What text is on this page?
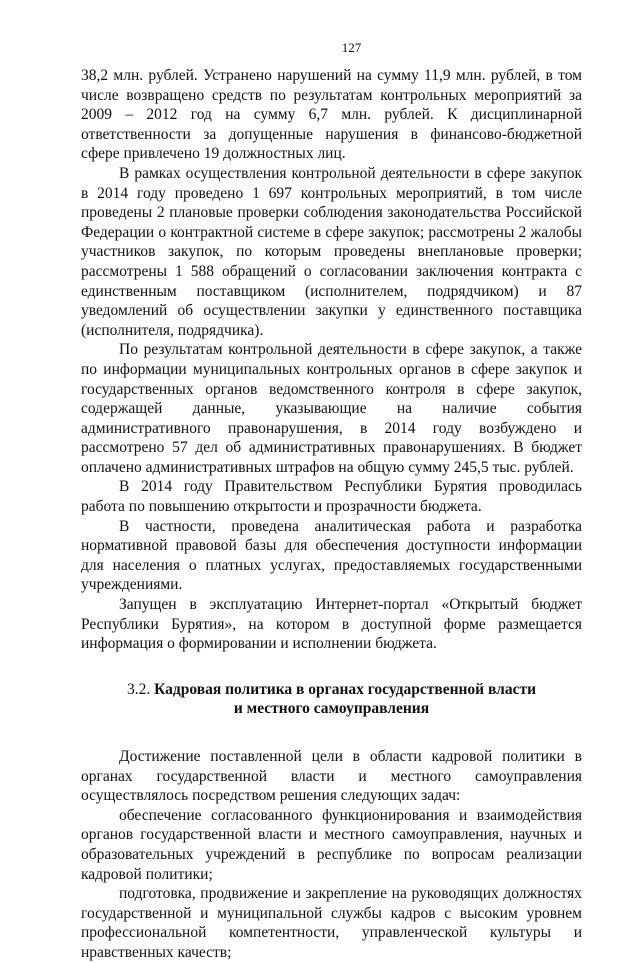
127

38,2 млн. рублей. Устранено нарушений на сумму 11,9 млн. рублей, в том числе возвращено средств по результатам контрольных мероприятий за 2009 – 2012 год на сумму 6,7 млн. рублей. К дисциплинарной ответственности за допущенные нарушения в финансово-бюджетной сфере привлечено 19 должностных лиц.

В рамках осуществления контрольной деятельности в сфере закупок в 2014 году проведено 1 697 контрольных мероприятий, в том числе проведены 2 плановые проверки соблюдения законодательства Российской Федерации о контрактной системе в сфере закупок; рассмотрены 2 жалобы участников закупок, по которым проведены внеплановые проверки; рассмотрены 1 588 обращений о согласовании заключения контракта с единственным поставщиком (исполнителем, подрядчиком) и 87 уведомлений об осуществлении закупки у единственного поставщика (исполнителя, подрядчика).

По результатам контрольной деятельности в сфере закупок, а также по информации муниципальных контрольных органов в сфере закупок и государственных органов ведомственного контроля в сфере закупок, содержащей данные, указывающие на наличие события административного правонарушения, в 2014 году возбуждено и рассмотрено 57 дел об административных правонарушениях. В бюджет оплачено административных штрафов на общую сумму 245,5 тыс. рублей.

В 2014 году Правительством Республики Бурятия проводилась работа по повышению открытости и прозрачности бюджета.

В частности, проведена аналитическая работа и разработка нормативной правовой базы для обеспечения доступности информации для населения о платных услугах, предоставляемых государственными учреждениями.

Запущен в эксплуатацию Интернет-портал «Открытый бюджет Республики Бурятия», на котором в доступной форме размещается информация о формировании и исполнении бюджета.

3.2. Кадровая политика в органах государственной власти
и местного самоуправления

Достижение поставленной цели в области кадровой политики в органах государственной власти и местного самоуправления осуществлялось посредством решения следующих задач:

обеспечение согласованного функционирования и взаимодействия органов государственной власти и местного самоуправления, научных и образовательных учреждений в республике по вопросам реализации кадровой политики;

подготовка, продвижение и закрепление на руководящих должностях государственной и муниципальной службы кадров с высоким уровнем профессиональной компетентности, управленческой культуры и нравственных качеств;
